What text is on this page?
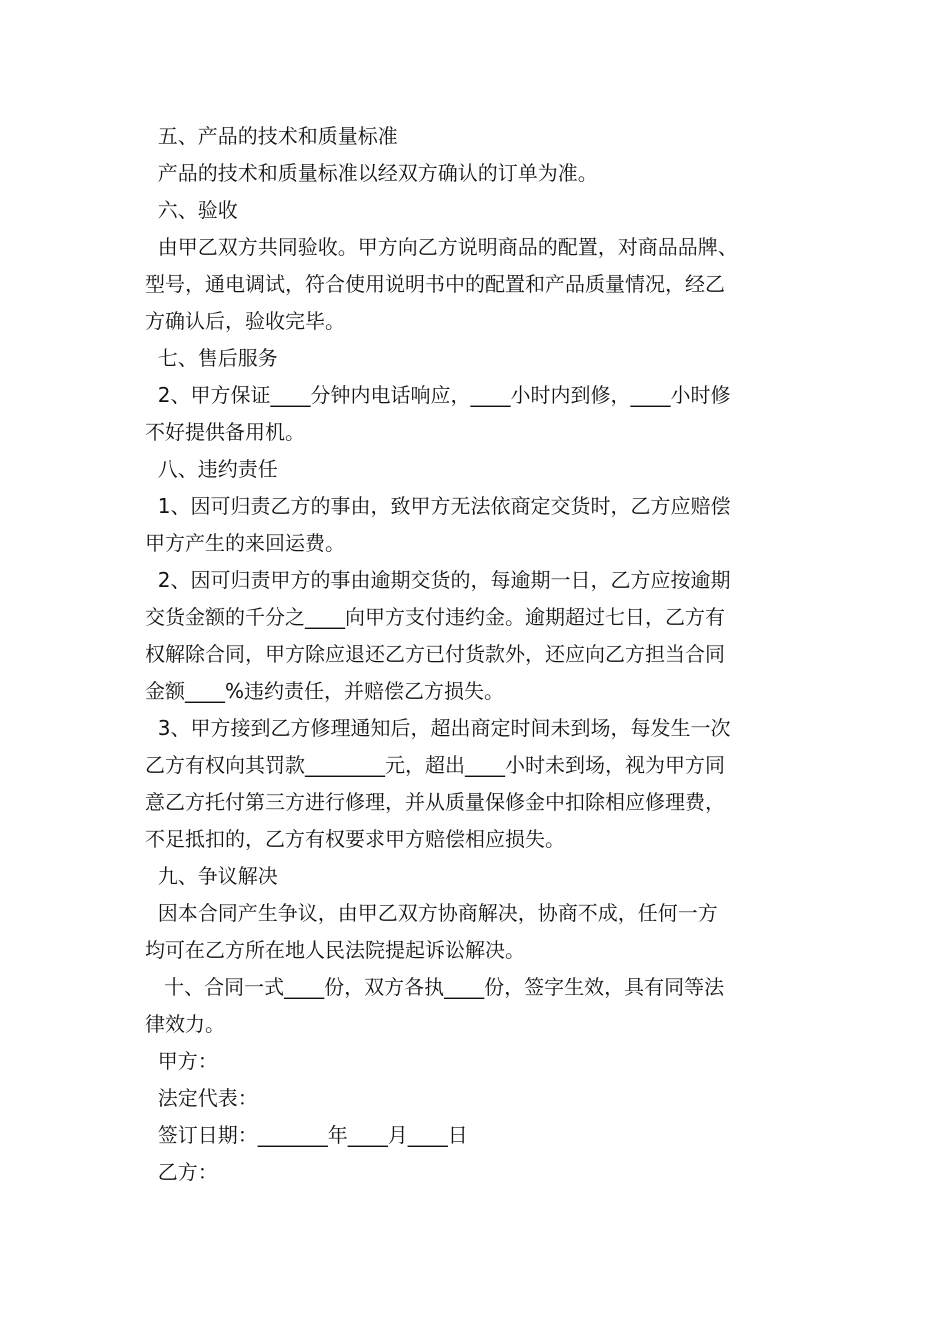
五、产品的技术和质量标准
产品的技术和质量标准以经双方确认的订单为准。
六、验收
由甲乙双方共同验收。甲方向乙方说明商品的配置，对商品品牌、
型号，通电调试，符合使用说明书中的配置和产品质量情况，经乙
方确认后，验收完毕。
七、售后服务
2、甲方保证____分钟内电话响应，____小时内到修，____小时修
不好提供备用机。
八、违约责任
1、因可归责乙方的事由，致甲方无法依商定交货时，乙方应赔偿
甲方产生的来回运费。
2、因可归责甲方的事由逾期交货的，每逾期一日，乙方应按逾期
交货金额的千分之____向甲方支付违约金。逾期超过七日，乙方有
权解除合同，甲方除应退还乙方已付货款外，还应向乙方担当合同
金额____%违约责任，并赔偿乙方损失。
3、甲方接到乙方修理通知后，超出商定时间未到场，每发生一次
乙方有权向其罚款________元，超出____小时未到场，视为甲方同
意乙方托付第三方进行修理，并从质量保修金中扣除相应修理费，
不足抵扣的，乙方有权要求甲方赔偿相应损失。
九、争议解决
因本合同产生争议，由甲乙双方协商解决，协商不成，任何一方
均可在乙方所在地人民法院提起诉讼解决。
十、合同一式____份，双方各执____份，签字生效，具有同等法
律效力。
甲方：
法定代表：
签订日期：_______年____月____日
乙方：
